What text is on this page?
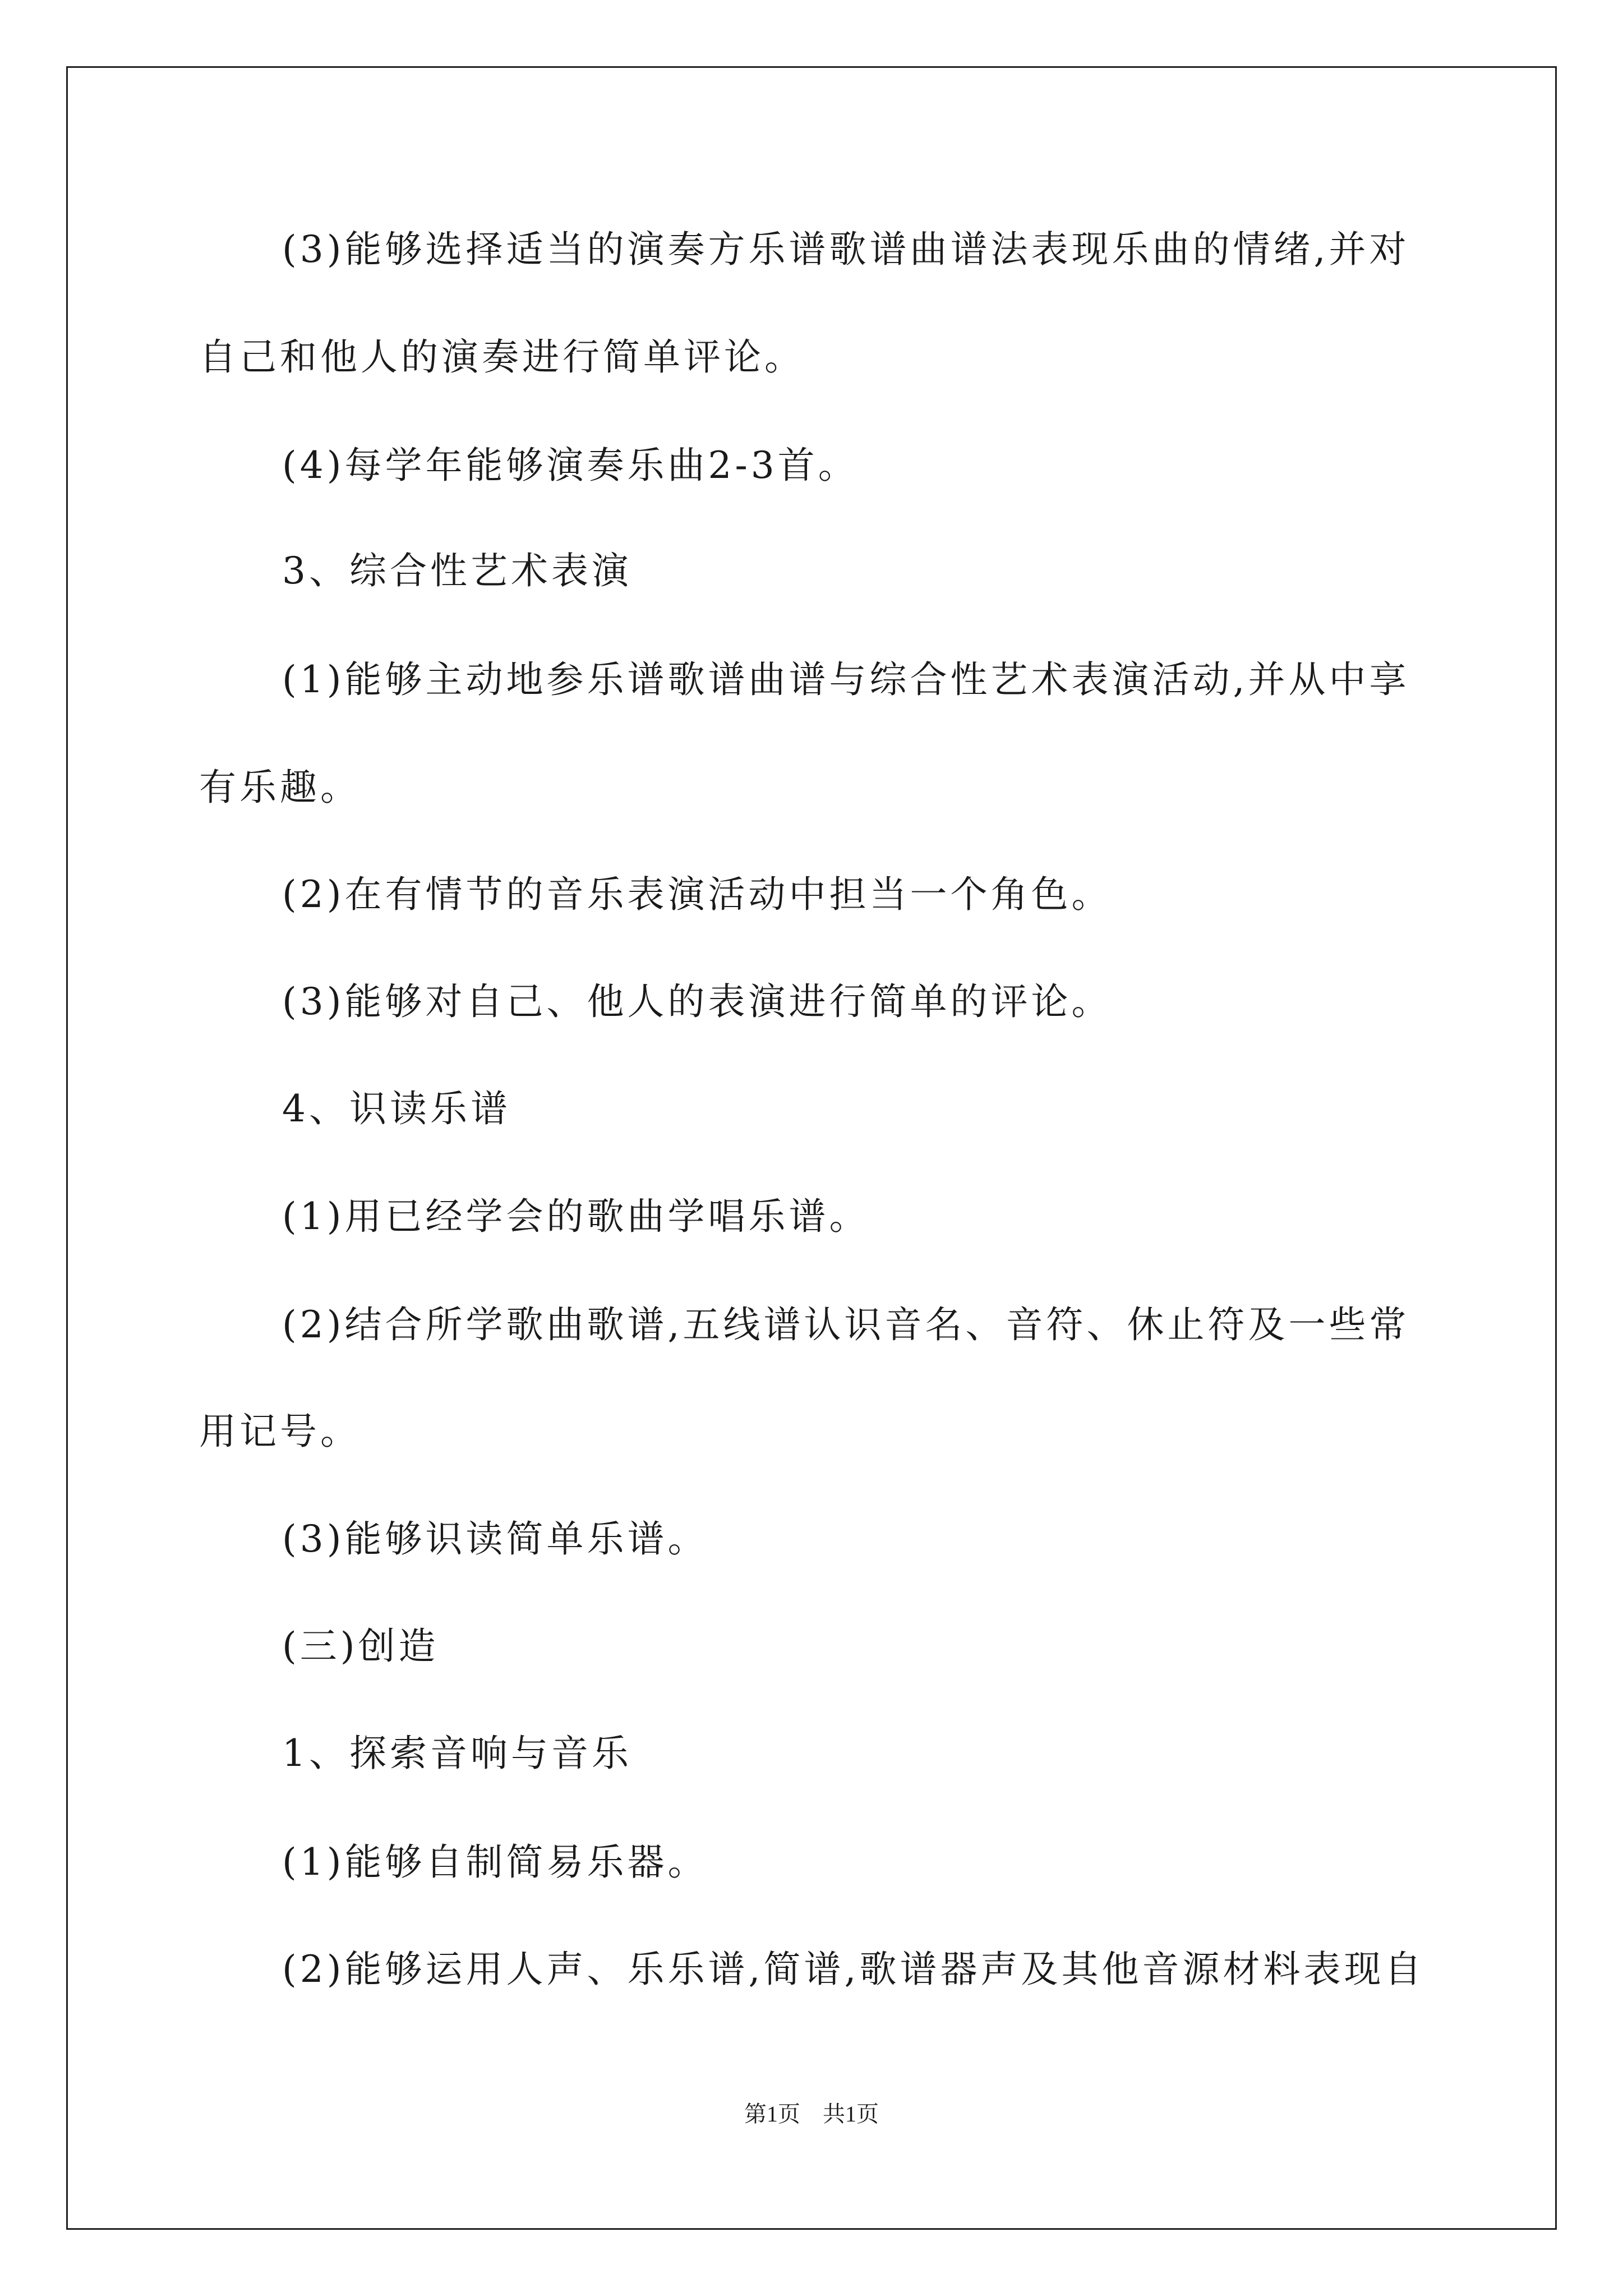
(3)能够选择适当的演奏方乐谱歌谱曲谱法表现乐曲的情绪,并对
自己和他人的演奏进行简单评论。
(4)每学年能够演奏乐曲2-3首。
3、综合性艺术表演
(1)能够主动地参乐谱歌谱曲谱与综合性艺术表演活动,并从中享
有乐趣。
(2)在有情节的音乐表演活动中担当一个角色。
(3)能够对自己、他人的表演进行简单的评论。
4、识读乐谱
(1)用已经学会的歌曲学唱乐谱。
(2)结合所学歌曲歌谱,五线谱认识音名、音符、休止符及一些常
用记号。
(3)能够识读简单乐谱。
(三)创造
1、探索音响与音乐
(1)能够自制简易乐器。
(2)能够运用人声、乐乐谱,简谱,歌谱器声及其他音源材料表现自
第1页　共1页
